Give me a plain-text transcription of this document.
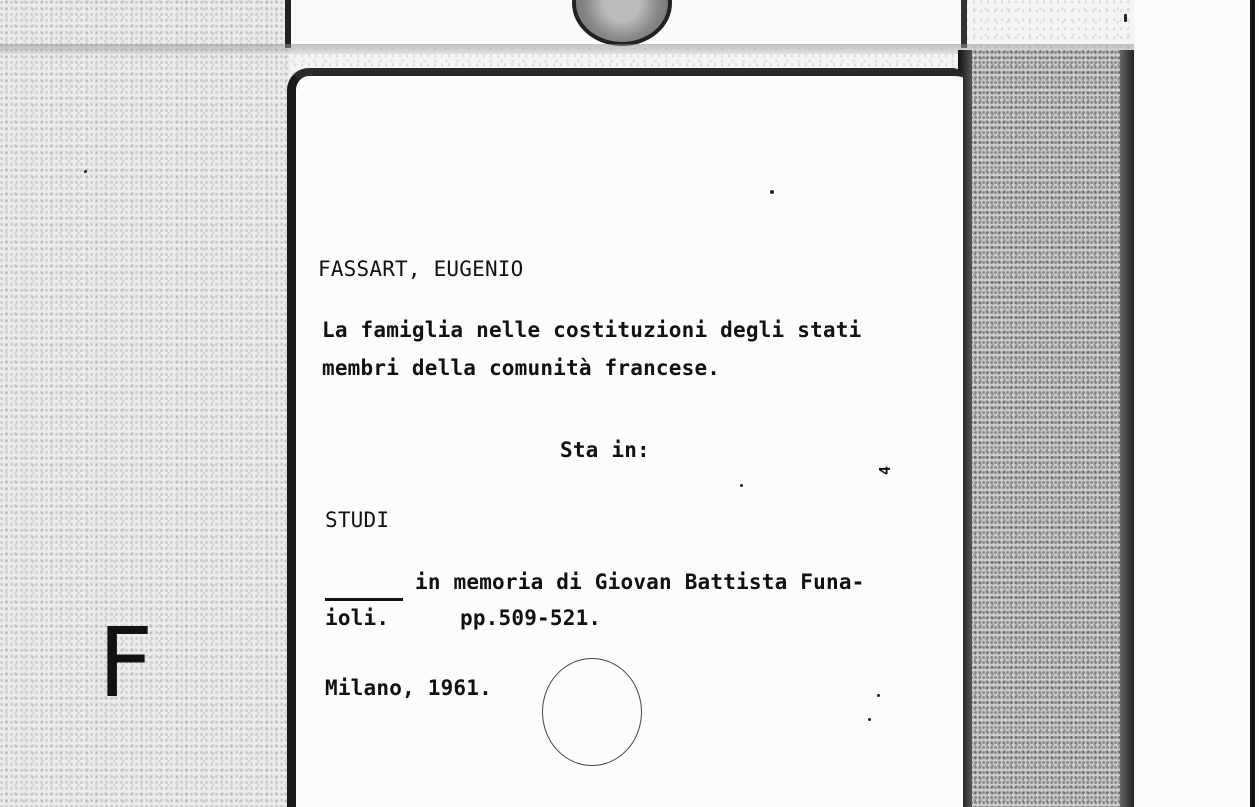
F
FASSART, EUGENIO
La famiglia nelle costituzioni degli stati
membri della comunità francese.
Sta in:
STUDI
in memoria di Giovan Battista Funa-
ioli.	pp.509-521.
Milano, 1961.
4
